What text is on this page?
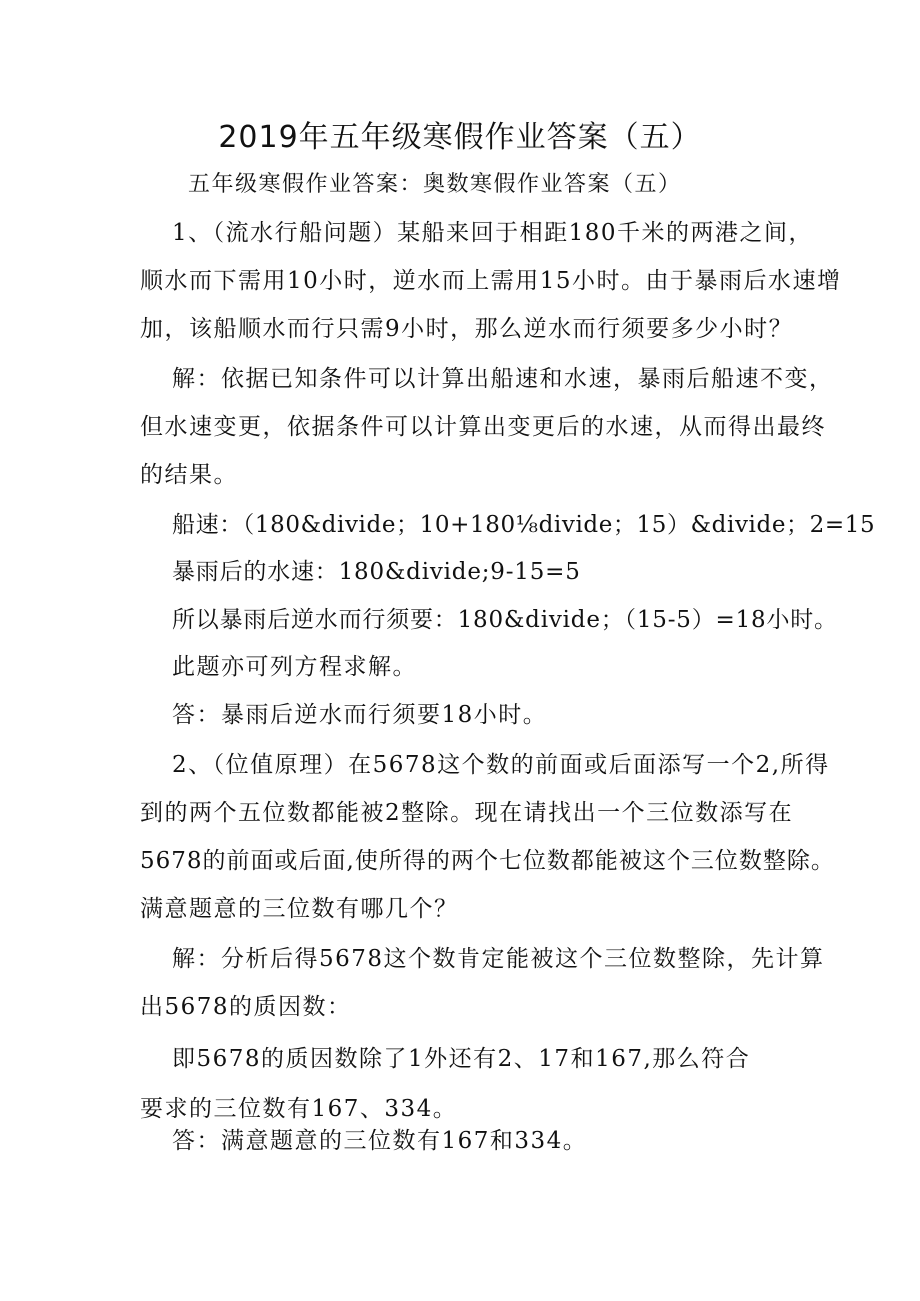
2019年五年级寒假作业答案（五）
五年级寒假作业答案：奥数寒假作业答案（五）
1、（流水行船问题）某船来回于相距180千米的两港之间，
顺水而下需用10小时，逆水而上需用15小时。由于暴雨后水速增
加，该船顺水而行只需9小时，那么逆水而行须要多少小时？
解：依据已知条件可以计算出船速和水速，暴雨后船速不变，
但水速变更，依据条件可以计算出变更后的水速，从而得出最终
的结果。
船速：（180&divide；10+180⅛divide；15）&divide；2=15
暴雨后的水速：180&divide;9-15=5
所以暴雨后逆水而行须要：180&divide；（15-5）=18小时。
此题亦可列方程求解。
答：暴雨后逆水而行须要18小时。
2、（位值原理）在5678这个数的前面或后面添写一个2,所得
到的两个五位数都能被2整除。现在请找出一个三位数添写在
5678的前面或后面,使所得的两个七位数都能被这个三位数整除。
满意题意的三位数有哪几个？
解：分析后得5678这个数肯定能被这个三位数整除，先计算
出5678的质因数：
即5678的质因数除了1外还有2、17和167,那么符合
要求的三位数有167、334。
答：满意题意的三位数有167和334。
